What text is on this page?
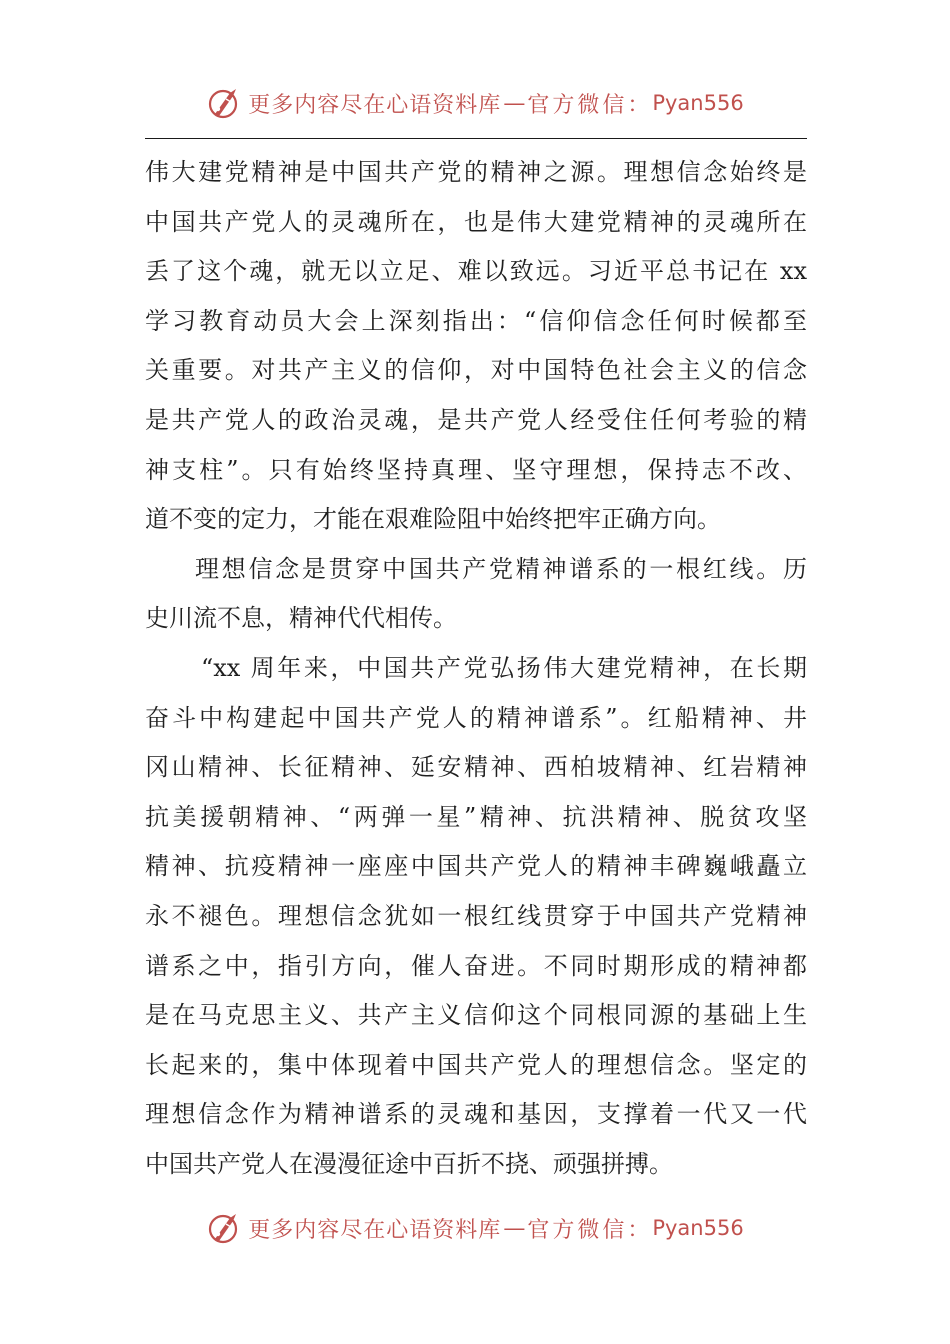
更多内容尽在心语资料库 — 官方微信： Pyan556
伟大建党精神是中国共产党的精神之源。理想信念始终是
中国共产党人的灵魂所在，也是伟大建党精神的灵魂所在
丢了这个魂，就无以立足、难以致远。习近平总书记在 xx
学习教育动员大会上深刻指出：“信仰信念任何时候都至
关重要。对共产主义的信仰，对中国特色社会主义的信念
是共产党人的政治灵魂，是共产党人经受住任何考验的精
神支柱”。只有始终坚持真理、坚守理想，保持志不改、
道不变的定力，才能在艰难险阻中始终把牢正确方向。
理想信念是贯穿中国共产党精神谱系的一根红线。历
史川流不息，精神代代相传。
“xx 周年来，中国共产党弘扬伟大建党精神，在长期
奋斗中构建起中国共产党人的精神谱系”。红船精神、井
冈山精神、长征精神、延安精神、西柏坡精神、红岩精神
抗美援朝精神、“两弹一星”精神、抗洪精神、脱贫攻坚
精神、抗疫精神一座座中国共产党人的精神丰碑巍峨矗立
永不褪色。理想信念犹如一根红线贯穿于中国共产党精神
谱系之中，指引方向，催人奋进。不同时期形成的精神都
是在马克思主义、共产主义信仰这个同根同源的基础上生
长起来的，集中体现着中国共产党人的理想信念。坚定的
理想信念作为精神谱系的灵魂和基因，支撑着一代又一代
中国共产党人在漫漫征途中百折不挠、顽强拼搏。
更多内容尽在心语资料库 — 官方微信： Pyan556
